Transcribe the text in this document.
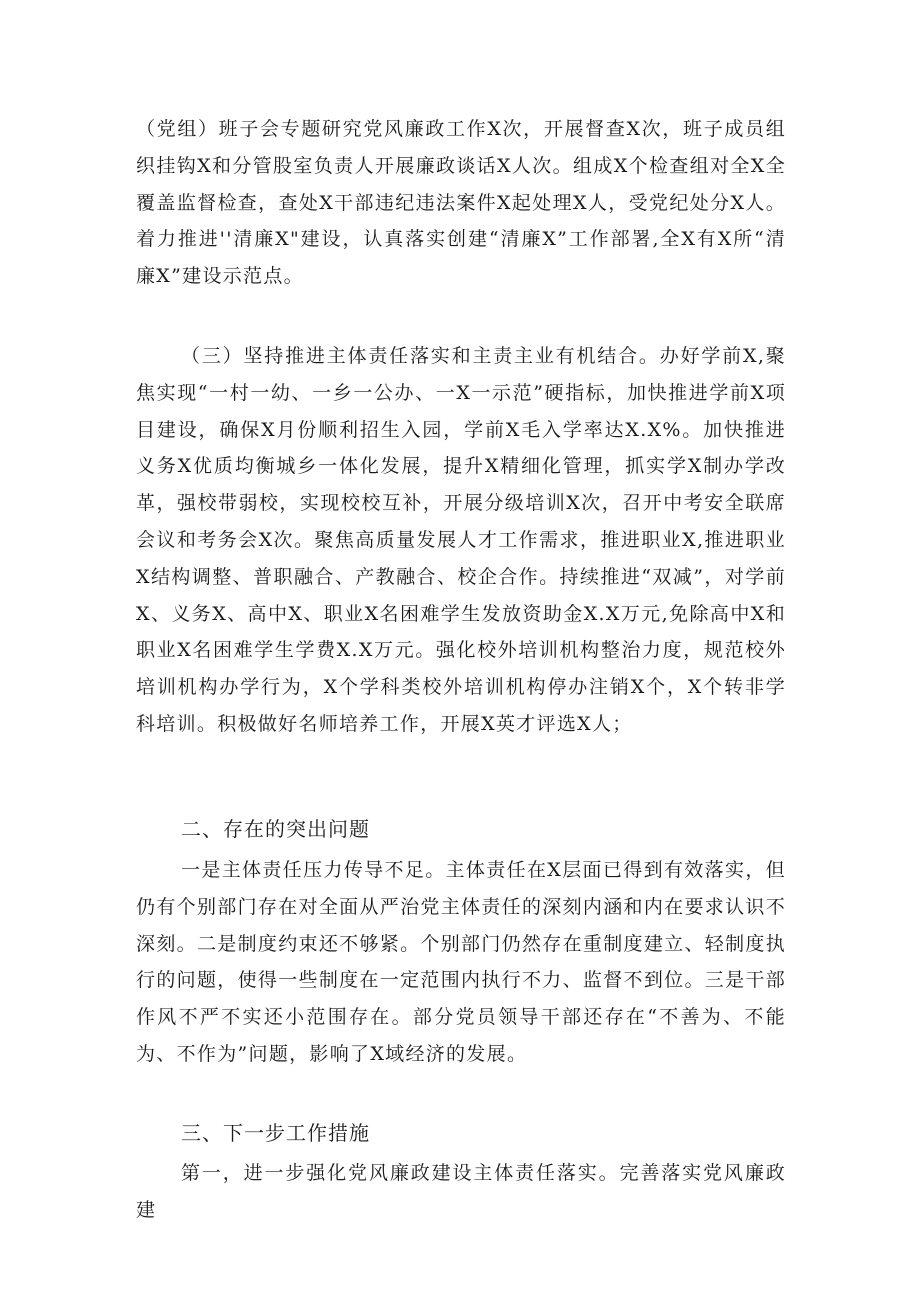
（党组）班子会专题研究党风廉政工作X次，开展督查X次，班子成员组织挂钩X和分管股室负责人开展廉政谈话X人次。组成X个检查组对全X全覆盖监督检查，查处X干部违纪违法案件X起处理X人，受党纪处分X人。着力推进''清廉X"建设，认真落实创建“清廉X”工作部署,全X有X所“清廉X”建设示范点。

（三）坚持推进主体责任落实和主责主业有机结合。办好学前X,聚焦实现“一村一幼、一乡一公办、一X一示范”硬指标，加快推进学前X项目建设，确保X月份顺利招生入园，学前X毛入学率达X.X%。加快推进义务X优质均衡城乡一体化发展，提升X精细化管理，抓实学X制办学改革，强校带弱校，实现校校互补，开展分级培训X次，召开中考安全联席会议和考务会X次。聚焦高质量发展人才工作需求，推进职业X,推进职业X结构调整、普职融合、产教融合、校企合作。持续推进“双减”，对学前X、义务X、高中X、职业X名困难学生发放资助金X.X万元,免除高中X和职业X名困难学生学费X.X万元。强化校外培训机构整治力度，规范校外培训机构办学行为，X个学科类校外培训机构停办注销X个，X个转非学科培训。积极做好名师培养工作，开展X英才评选X人；

二、存在的突出问题

一是主体责任压力传导不足。主体责任在X层面已得到有效落实，但仍有个别部门存在对全面从严治党主体责任的深刻内涵和内在要求认识不深刻。二是制度约束还不够紧。个别部门仍然存在重制度建立、轻制度执行的问题，使得一些制度在一定范围内执行不力、监督不到位。三是干部作风不严不实还小范围存在。部分党员领导干部还存在“不善为、不能为、不作为”问题，影响了X域经济的发展。

三、下一步工作措施

第一，进一步强化党风廉政建设主体责任落实。完善落实党风廉政建
